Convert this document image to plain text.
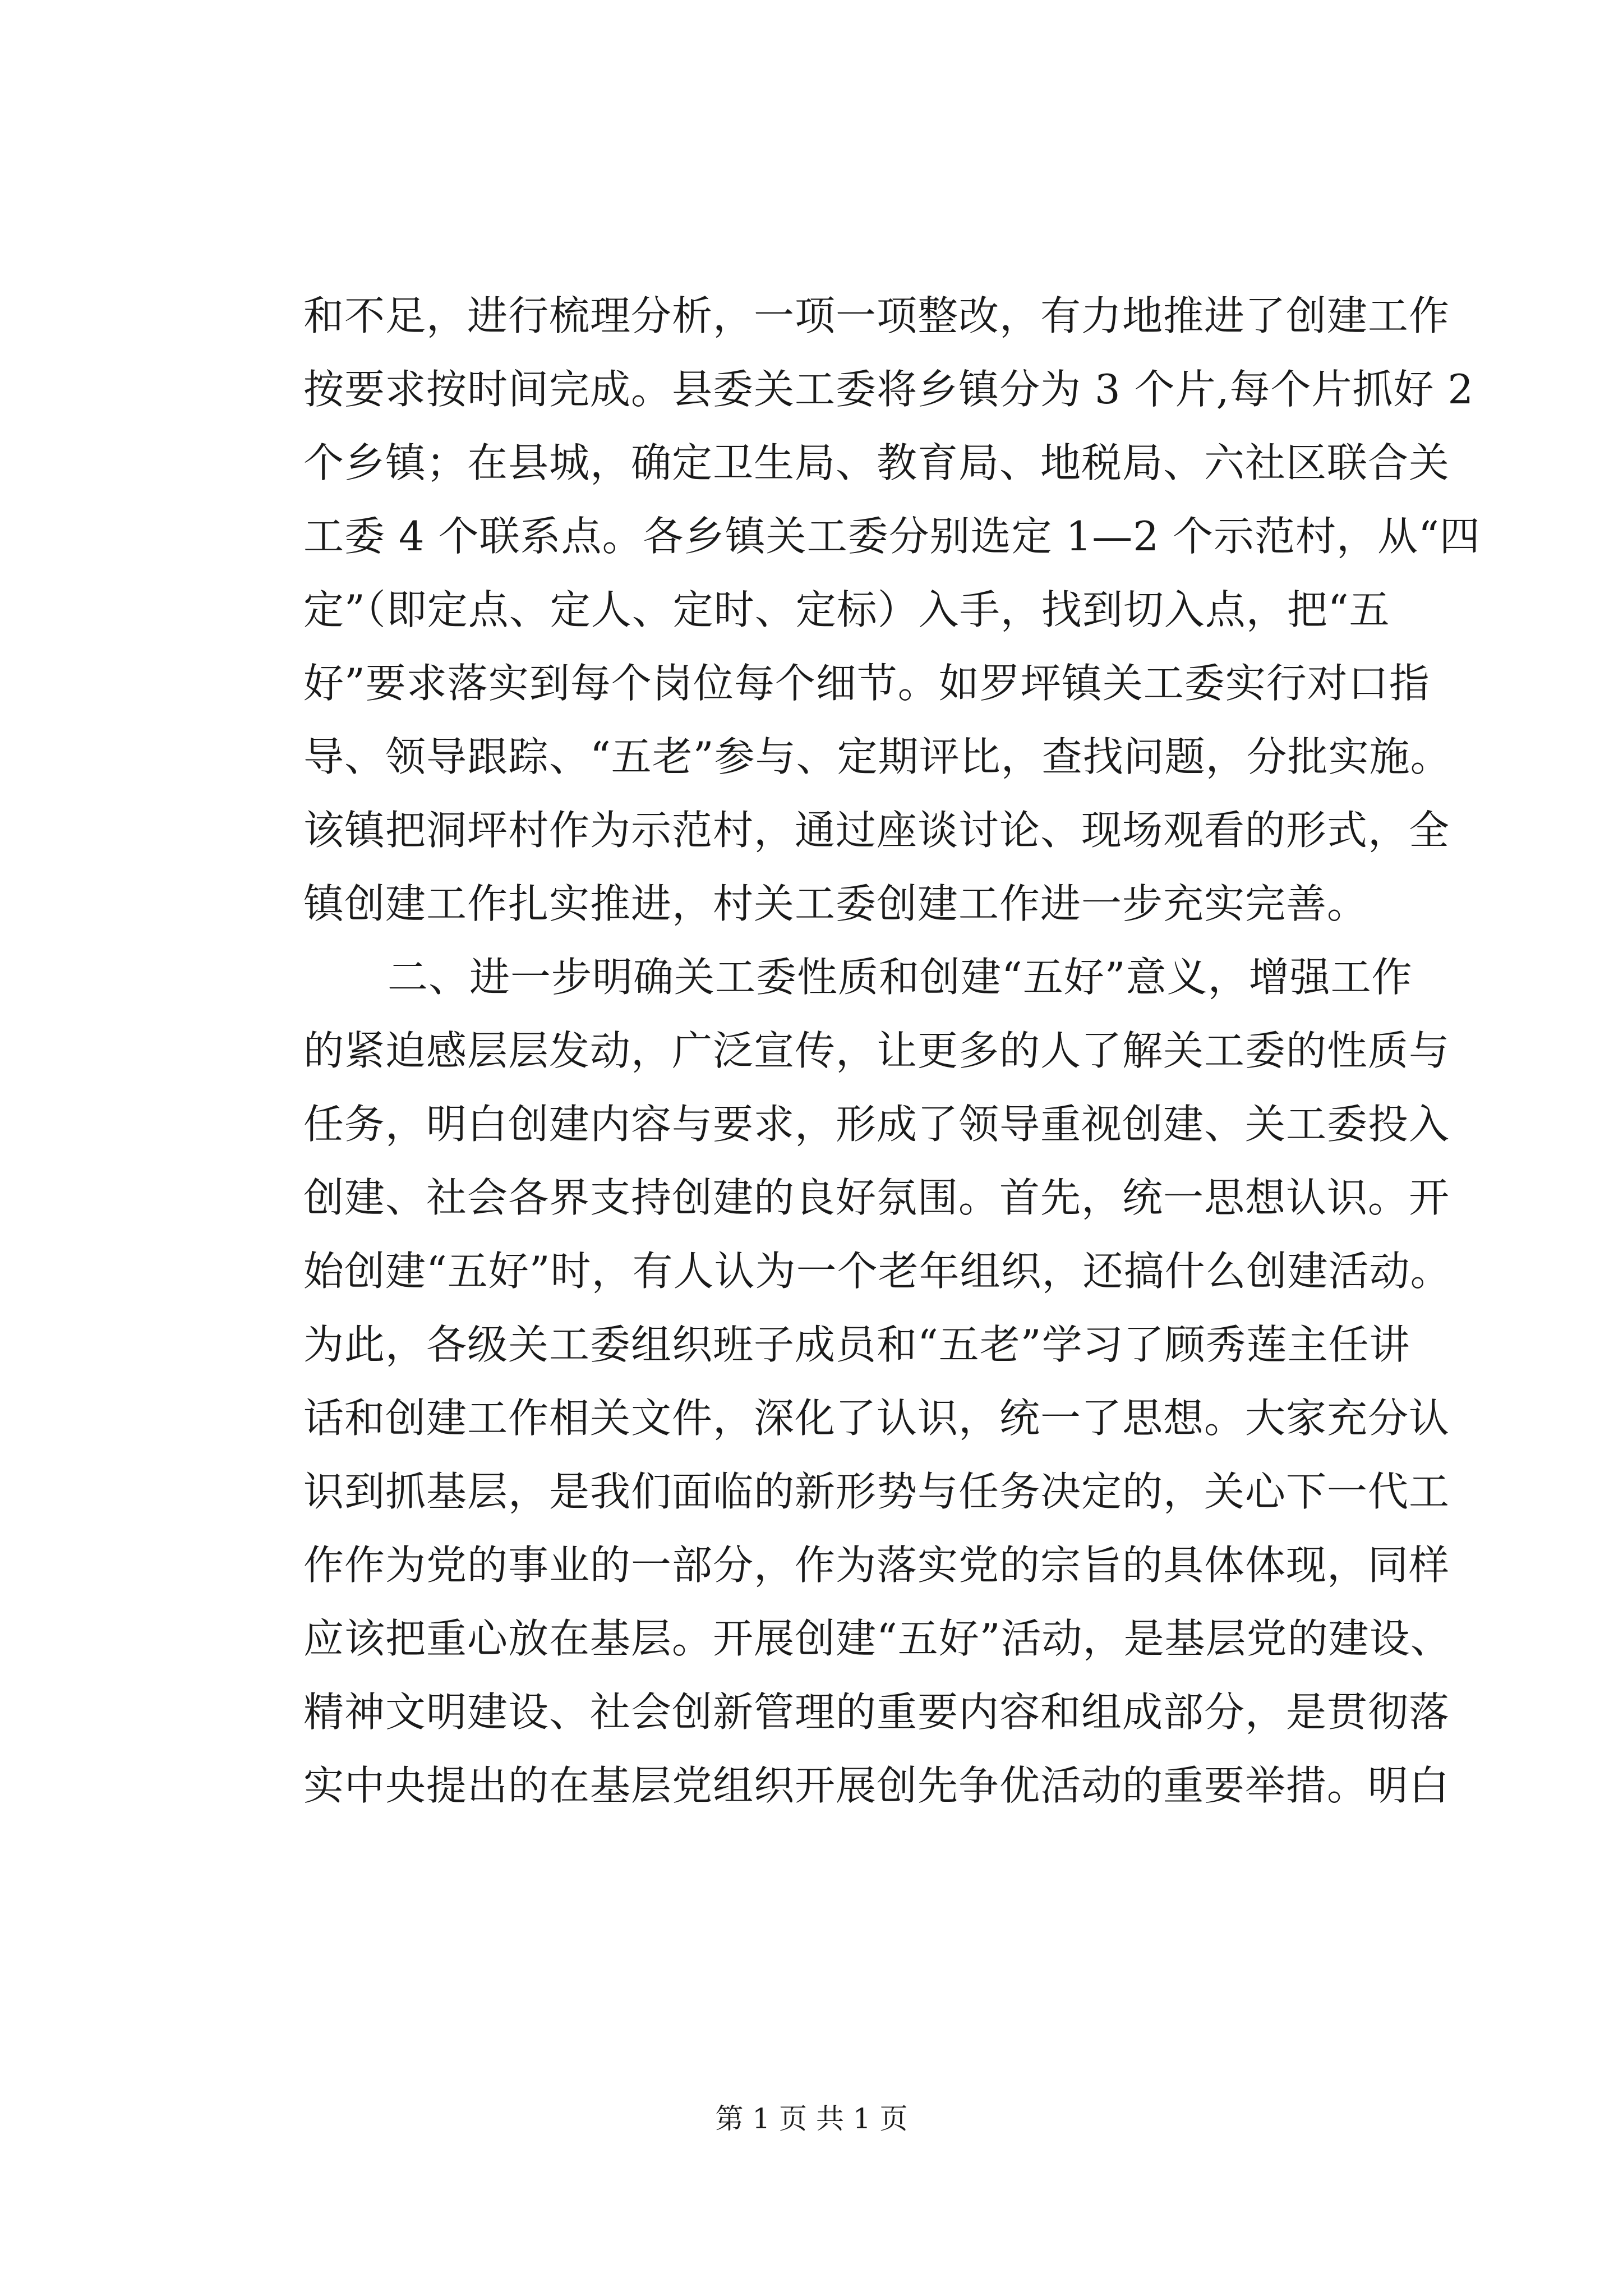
和不足，进行梳理分析，一项一项整改，有力地推进了创建工作
按要求按时间完成。县委关工委将乡镇分为 3 个片,每个片抓好 2
个乡镇；在县城，确定卫生局、教育局、地税局、六社区联合关
工委 4 个联系点。各乡镇关工委分别选定 1—2 个示范村，从“四
定”（即定点、定人、定时、定标）入手，找到切入点，把“五
好”要求落实到每个岗位每个细节。如罗坪镇关工委实行对口指
导、领导跟踪、“五老”参与、定期评比，查找问题，分批实施。
该镇把洞坪村作为示范村，通过座谈讨论、现场观看的形式，全
镇创建工作扎实推进，村关工委创建工作进一步充实完善。
二、进一步明确关工委性质和创建“五好”意义，增强工作
的紧迫感层层发动，广泛宣传，让更多的人了解关工委的性质与
任务，明白创建内容与要求，形成了领导重视创建、关工委投入
创建、社会各界支持创建的良好氛围。首先，统一思想认识。开
始创建“五好”时，有人认为一个老年组织，还搞什么创建活动。
为此，各级关工委组织班子成员和“五老”学习了顾秀莲主任讲
话和创建工作相关文件，深化了认识，统一了思想。大家充分认
识到抓基层，是我们面临的新形势与任务决定的，关心下一代工
作作为党的事业的一部分，作为落实党的宗旨的具体体现，同样
应该把重心放在基层。开展创建“五好”活动，是基层党的建设、
精神文明建设、社会创新管理的重要内容和组成部分，是贯彻落
实中央提出的在基层党组织开展创先争优活动的重要举措。明白
第 1 页 共 1 页
